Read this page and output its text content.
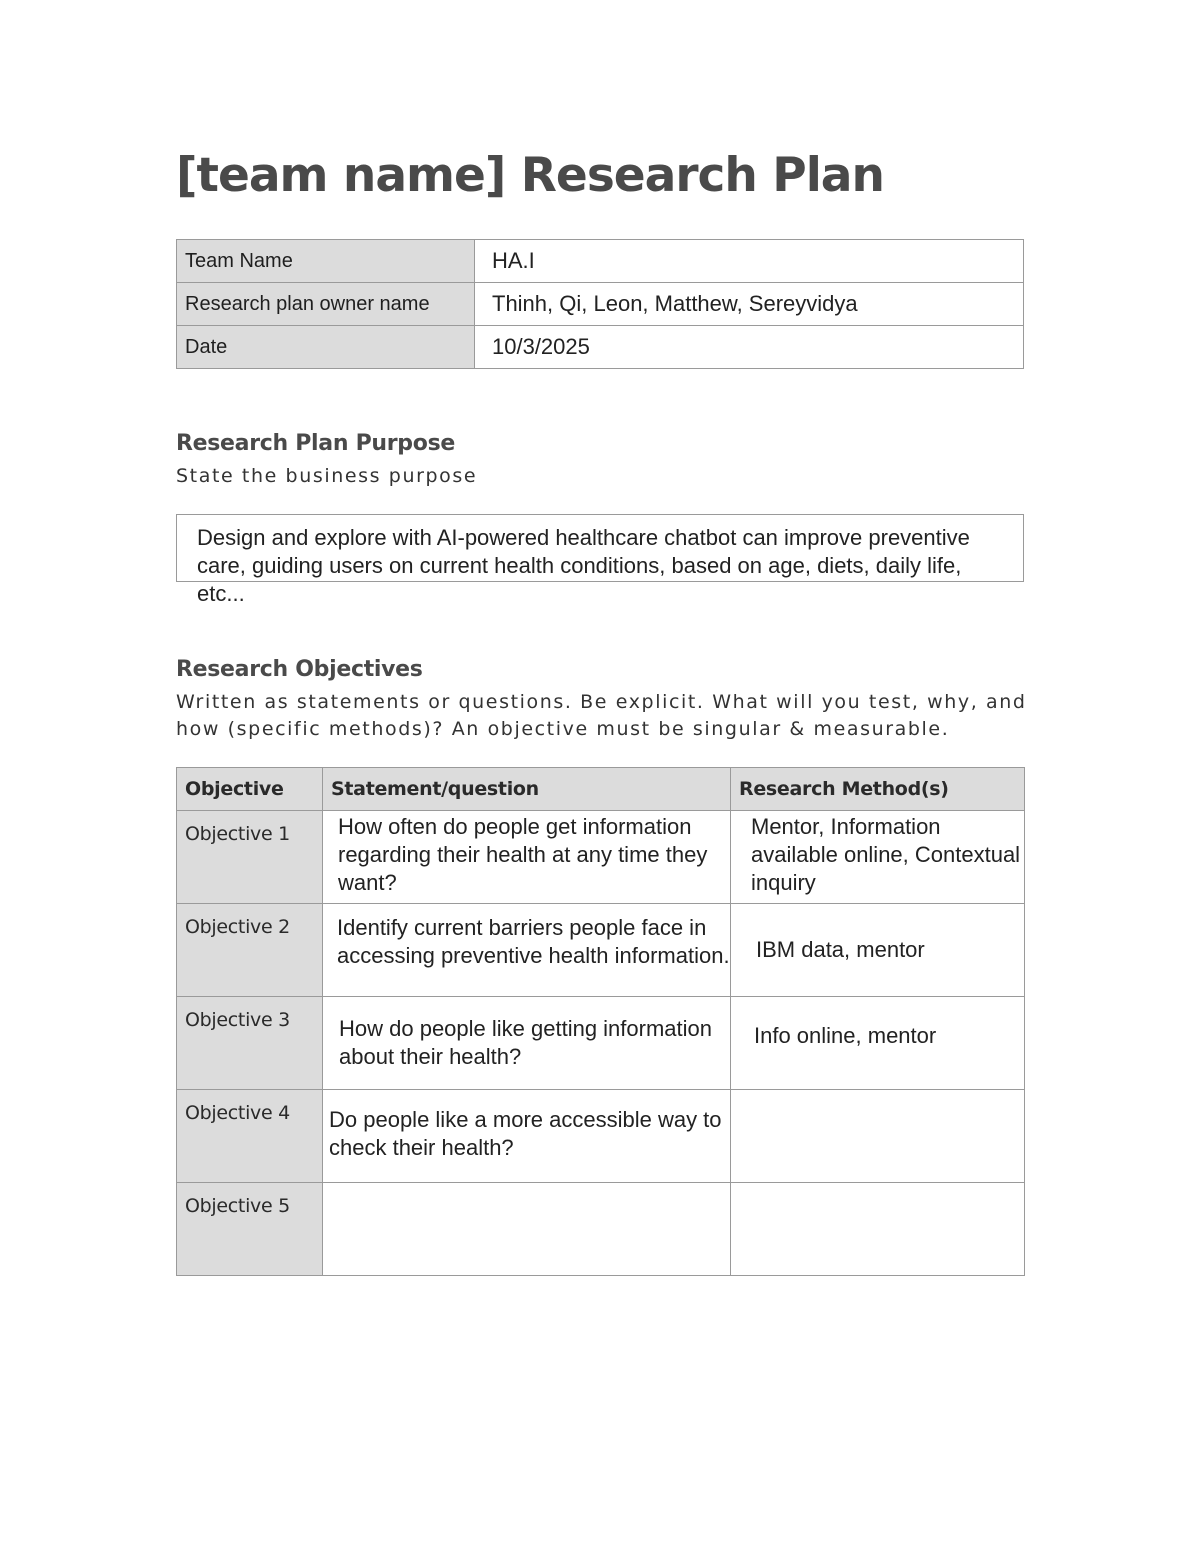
[team name] Research Plan
Team Name	HA.I
Research plan owner name	Thinh, Qi, Leon, Matthew, Sereyvidya
Date	10/3/2025
Research Plan Purpose

State the business purpose

Design and explore with AI-powered healthcare chatbot can improve preventive care, guiding users on current health conditions, based on age, diets, daily life, etc...
Research Objectives

Written as statements or questions. Be explicit. What will you test, why, and how (specific methods)? An objective must be singular & measurable.

Objective	Statement/question	Research Method(s)
Objective 1	How often do people get information regarding their health at any time they want?	Mentor, Information available online, Contextual inquiry
Objective 2	Identify current barriers people face in accessing preventive health information.	IBM data, mentor
Objective 3	How do people like getting information about their health?	Info online, mentor
Objective 4	Do people like a more accessible way to check their health?	
Objective 5		
